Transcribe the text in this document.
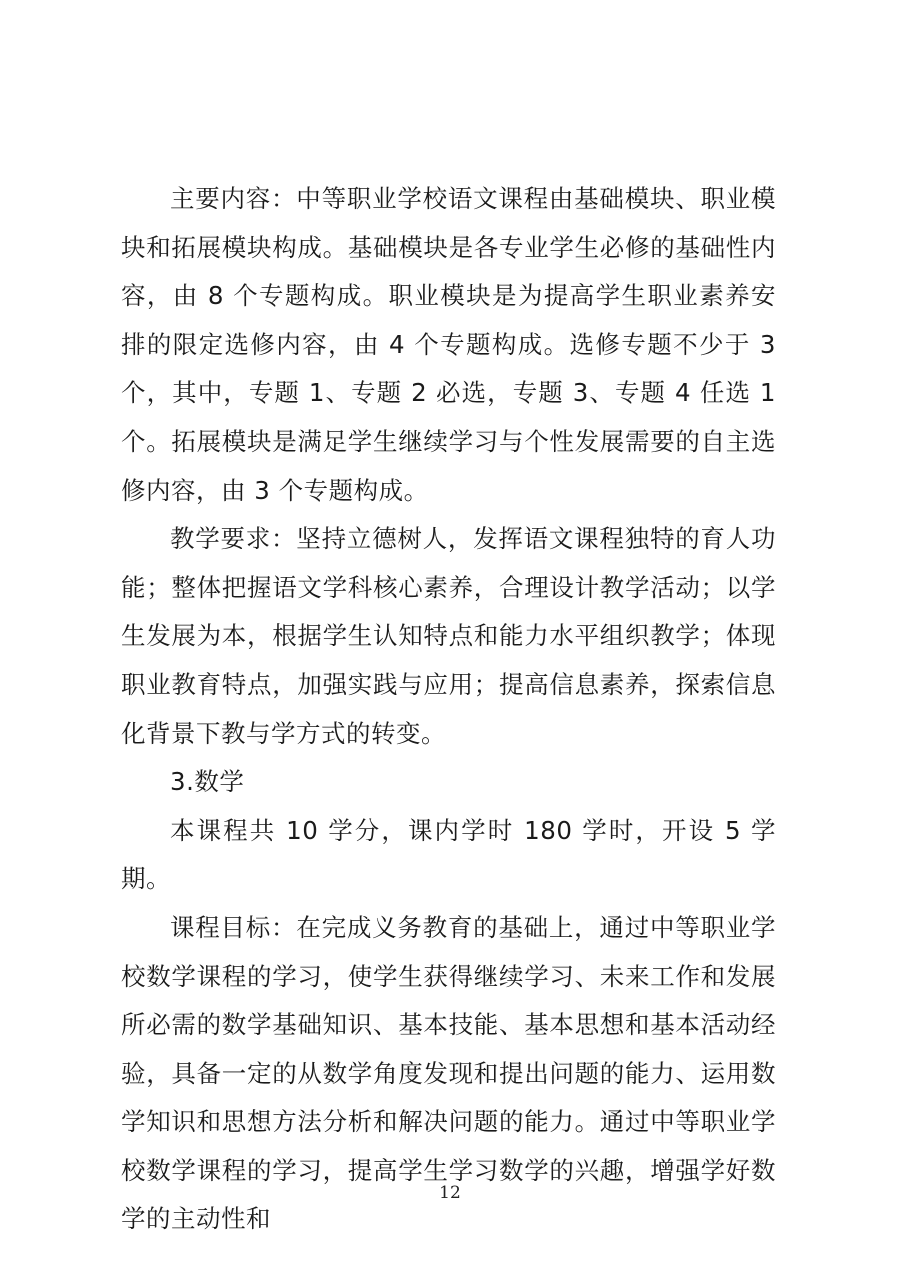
主要内容：中等职业学校语文课程由基础模块、职业模块和拓展模块构成。基础模块是各专业学生必修的基础性内容，由 8 个专题构成。职业模块是为提高学生职业素养安排的限定选修内容，由 4 个专题构成。选修专题不少于 3 个，其中，专题 1、专题 2 必选，专题 3、专题 4 任选 1 个。拓展模块是满足学生继续学习与个性发展需要的自主选修内容，由 3 个专题构成。

教学要求：坚持立德树人，发挥语文课程独特的育人功能；整体把握语文学科核心素养，合理设计教学活动；以学生发展为本，根据学生认知特点和能力水平组织教学；体现职业教育特点，加强实践与应用；提高信息素养，探索信息化背景下教与学方式的转变。

3.数学

本课程共 10 学分，课内学时 180 学时，开设 5 学期。

课程目标：在完成义务教育的基础上，通过中等职业学校数学课程的学习，使学生获得继续学习、未来工作和发展所必需的数学基础知识、基本技能、基本思想和基本活动经验，具备一定的从数学角度发现和提出问题的能力、运用数学知识和思想方法分析和解决问题的能力。通过中等职业学校数学课程的学习，提高学生学习数学的兴趣，增强学好数学的主动性和

12
